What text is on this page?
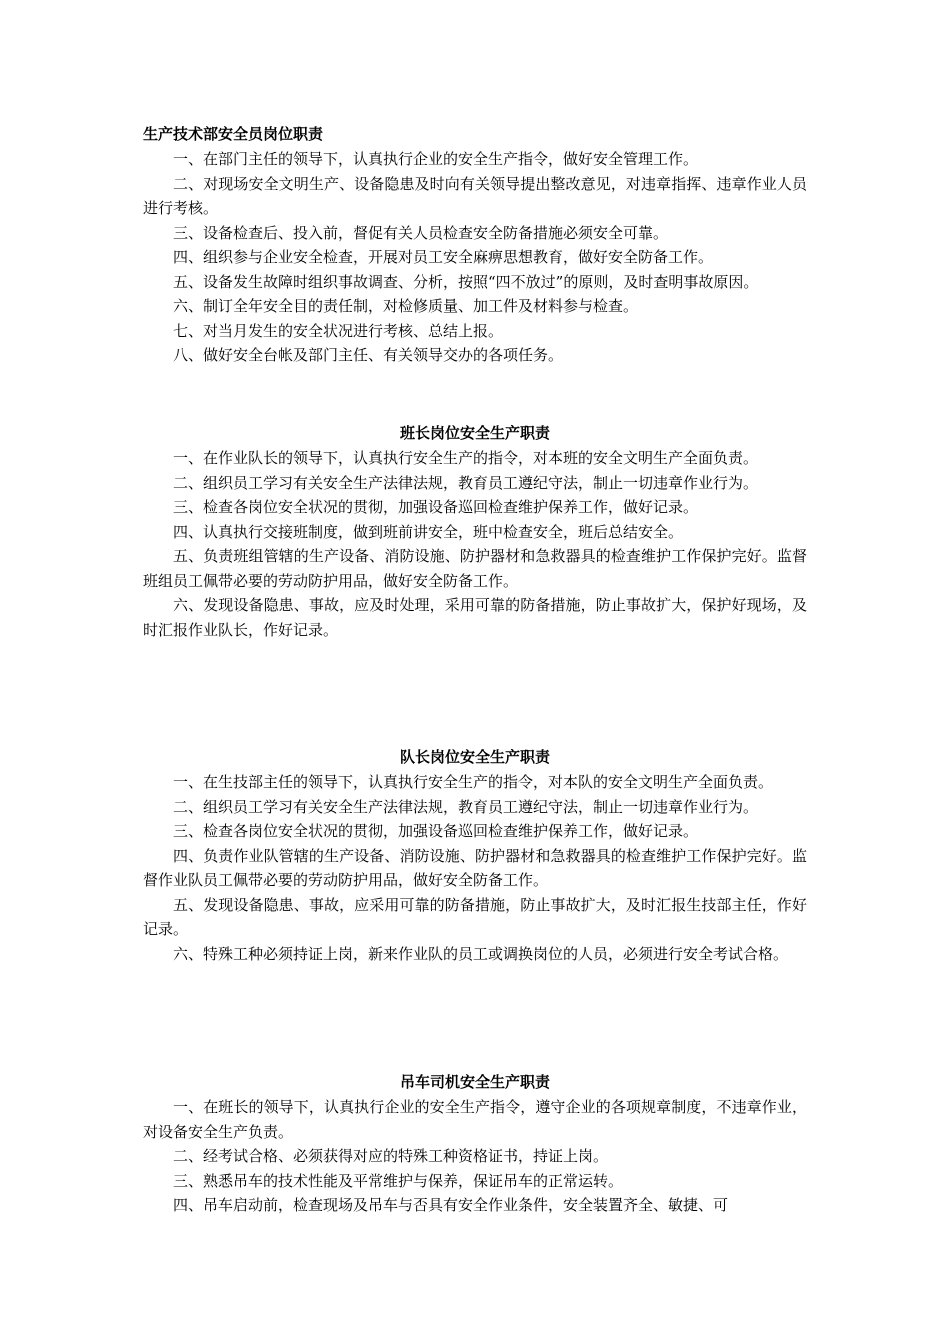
生产技术部安全员岗位职责

一、在部门主任的领导下，认真执行企业的安全生产指令，做好安全管理工作。

二、对现场安全文明生产、设备隐患及时向有关领导提出整改意见，对违章指挥、违章作业人员进行考核。

三、设备检查后、投入前，督促有关人员检查安全防备措施必须安全可靠。

四、组织参与企业安全检查，开展对员工安全麻痹思想教育，做好安全防备工作。

五、设备发生故障时组织事故调查、分析，按照“四不放过”的原则，及时查明事故原因。

六、制订全年安全目的责任制，对检修质量、加工件及材料参与检查。

七、对当月发生的安全状况进行考核、总结上报。

八、做好安全台帐及部门主任、有关领导交办的各项任务。

班长岗位安全生产职责

一、在作业队长的领导下，认真执行安全生产的指令，对本班的安全文明生产全面负责。

二、组织员工学习有关安全生产法律法规，教育员工遵纪守法，制止一切违章作业行为。

三、检查各岗位安全状况的贯彻，加强设备巡回检查维护保养工作，做好记录。

四、认真执行交接班制度，做到班前讲安全，班中检查安全，班后总结安全。

五、负责班组管辖的生产设备、消防设施、防护器材和急救器具的检查维护工作保护完好。监督班组员工佩带必要的劳动防护用品，做好安全防备工作。

六、发现设备隐患、事故，应及时处理，采用可靠的防备措施，防止事故扩大，保护好现场，及时汇报作业队长，作好记录。

队长岗位安全生产职责

一、在生技部主任的领导下，认真执行安全生产的指令，对本队的安全文明生产全面负责。

二、组织员工学习有关安全生产法律法规，教育员工遵纪守法，制止一切违章作业行为。

三、检查各岗位安全状况的贯彻，加强设备巡回检查维护保养工作，做好记录。

四、负责作业队管辖的生产设备、消防设施、防护器材和急救器具的检查维护工作保护完好。监督作业队员工佩带必要的劳动防护用品，做好安全防备工作。

五、发现设备隐患、事故，应采用可靠的防备措施，防止事故扩大，及时汇报生技部主任，作好记录。

六、特殊工种必须持证上岗，新来作业队的员工或调换岗位的人员，必须进行安全考试合格。

吊车司机安全生产职责

一、在班长的领导下，认真执行企业的安全生产指令，遵守企业的各项规章制度，不违章作业，对设备安全生产负责。

二、经考试合格、必须获得对应的特殊工种资格证书，持证上岗。

三、熟悉吊车的技术性能及平常维护与保养，保证吊车的正常运转。

四、吊车启动前，检查现场及吊车与否具有安全作业条件，安全装置齐全、敏捷、可
